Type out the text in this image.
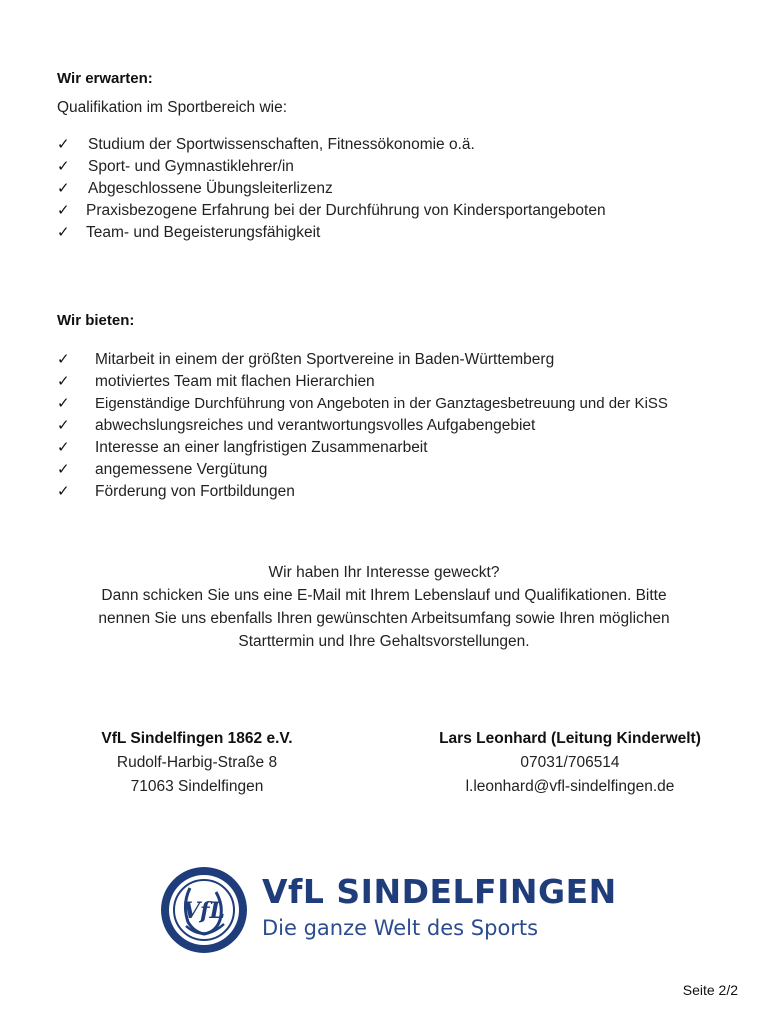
Wir erwarten:
Qualifikation im Sportbereich wie:
✓	Studium der Sportwissenschaften, Fitnessökonomie o.ä.
✓	Sport- und Gymnastiklehrer/in
✓	Abgeschlossene Übungsleiterlizenz
✓	Praxisbezogene Erfahrung bei der Durchführung von Kindersportangeboten
✓	Team- und Begeisterungsfähigkeit
Wir bieten:
✓	Mitarbeit in einem der größten Sportvereine in Baden-Württemberg
✓	motiviertes Team mit flachen Hierarchien
✓	Eigenständige Durchführung von Angeboten in der Ganztagesbetreuung und der KiSS
✓	abwechslungsreiches und verantwortungsvolles Aufgabengebiet
✓	Interesse an einer langfristigen Zusammenarbeit
✓	angemessene Vergütung
✓	Förderung von Fortbildungen
Wir haben Ihr Interesse geweckt?
Dann schicken Sie uns eine E-Mail mit Ihrem Lebenslauf und Qualifikationen. Bitte
nennen Sie uns ebenfalls Ihren gewünschten Arbeitsumfang sowie Ihren möglichen
Starttermin und Ihre Gehaltsvorstellungen.
VfL Sindelfingen 1862 e.V.
Rudolf-Harbig-Straße 8
71063 Sindelfingen
Lars Leonhard (Leitung Kinderwelt)
07031/706514
l.leonhard@vfl-sindelfingen.de
VfL VfL SINDELFINGEN
Die ganze Welt des Sports
Seite 2/2
